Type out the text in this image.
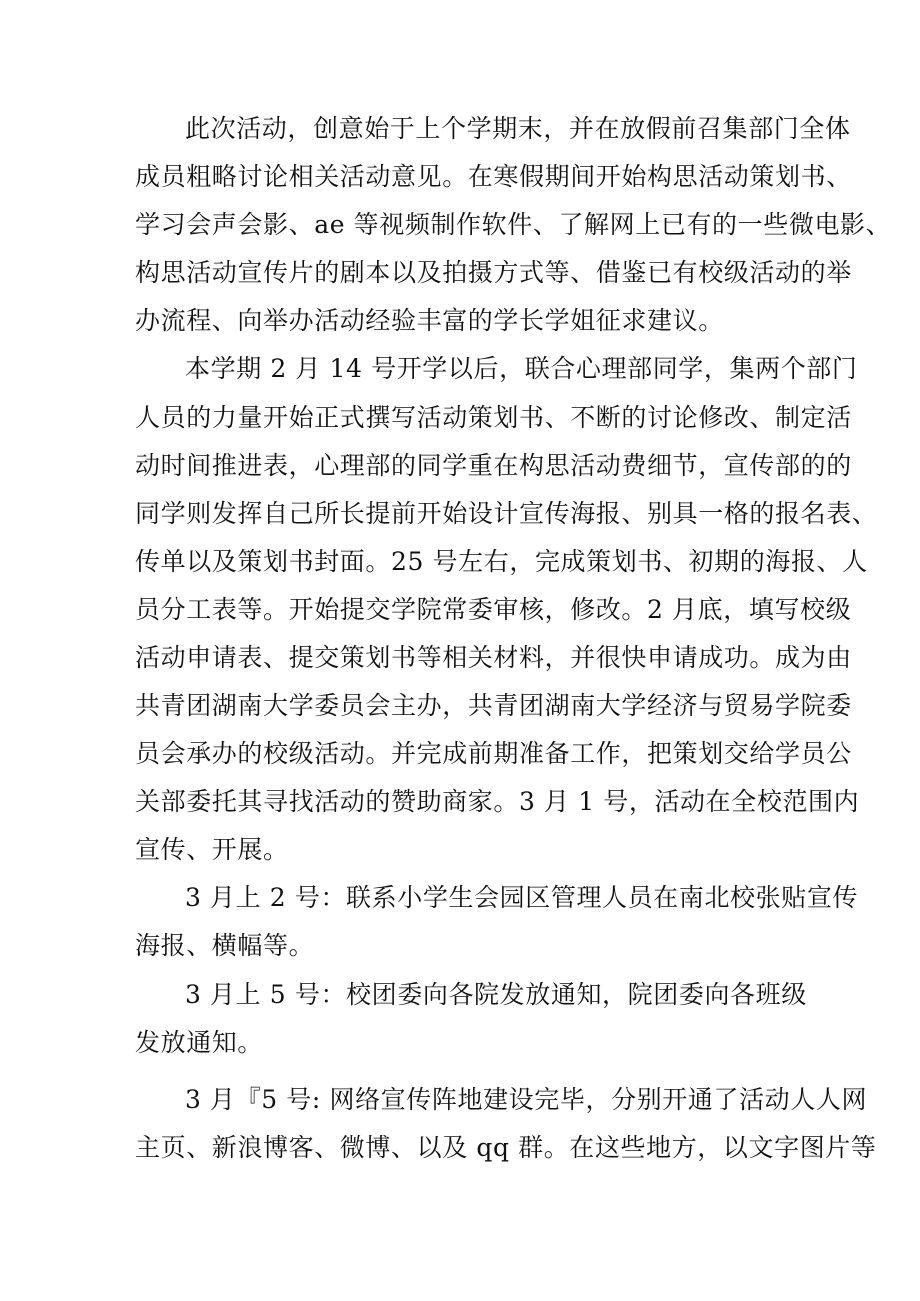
此次活动，创意始于上个学期末，并在放假前召集部门全体
成员粗略讨论相关活动意见。在寒假期间开始构思活动策划书、
学习会声会影、ae 等视频制作软件、了解网上已有的一些微电影、
构思活动宣传片的剧本以及拍摄方式等、借鉴已有校级活动的举
办流程、向举办活动经验丰富的学长学姐征求建议。
本学期 2 月 14 号开学以后，联合心理部同学，集两个部门
人员的力量开始正式撰写活动策划书、不断的讨论修改、制定活
动时间推进表，心理部的同学重在构思活动费细节，宣传部的的
同学则发挥自己所长提前开始设计宣传海报、别具一格的报名表、
传单以及策划书封面。25 号左右，完成策划书、初期的海报、人
员分工表等。开始提交学院常委审核，修改。2 月底，填写校级
活动申请表、提交策划书等相关材料，并很快申请成功。成为由
共青团湖南大学委员会主办，共青团湖南大学经济与贸易学院委
员会承办的校级活动。并完成前期准备工作，把策划交给学员公
关部委托其寻找活动的赞助商家。3 月 1 号，活动在全校范围内
宣传、开展。
3 月上 2 号：联系小学生会园区管理人员在南北校张贴宣传
海报、横幅等。
3 月上 5 号：校团委向各院发放通知，院团委向各班级
发放通知。
3 月『5 号: 网络宣传阵地建设完毕，分别开通了活动人人网
主页、新浪博客、微博、以及 qq 群。在这些地方，以文字图片等
